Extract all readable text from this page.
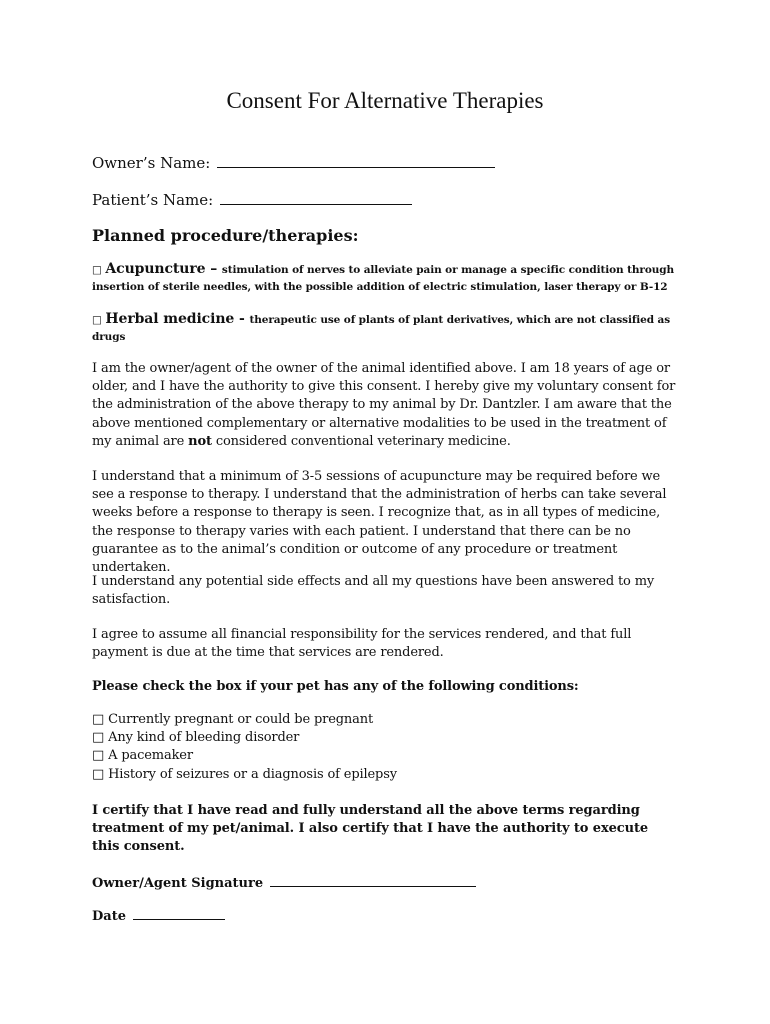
Consent For Alternative Therapies
Owner’s Name:
Patient’s Name:
Planned procedure/therapies:
□ Acupuncture – stimulation of nerves to alleviate pain or manage a specific condition through insertion of sterile needles, with the possible addition of electric stimulation, laser therapy or B-12
□ Herbal medicine - therapeutic use of plants of plant derivatives, which are not classified as drugs
I am the owner/agent of the owner of the animal identified above. I am 18 years of age or older, and I have the authority to give this consent. I hereby give my voluntary consent for the administration of the above therapy to my animal by Dr. Dantzler. I am aware that the above mentioned complementary or alternative modalities to be used in the treatment of my animal are not considered conventional veterinary medicine.
I understand that a minimum of 3-5 sessions of acupuncture may be required before we see a response to therapy. I understand that the administration of herbs can take several weeks before a response to therapy is seen. I recognize that, as in all types of medicine, the response to therapy varies with each patient. I understand that there can be no guarantee as to the animal’s condition or outcome of any procedure or treatment undertaken.
I understand any potential side effects and all my questions have been answered to my satisfaction.
I agree to assume all financial responsibility for the services rendered, and that full payment is due at the time that services are rendered.
Please check the box if your pet has any of the following conditions:
□ Currently pregnant or could be pregnant
□ Any kind of bleeding disorder
□ A pacemaker
□ History of seizures or a diagnosis of epilepsy
I certify that I have read and fully understand all the above terms regarding treatment of my pet/animal. I also certify that I have the authority to execute this consent.
Owner/Agent Signature
Date
